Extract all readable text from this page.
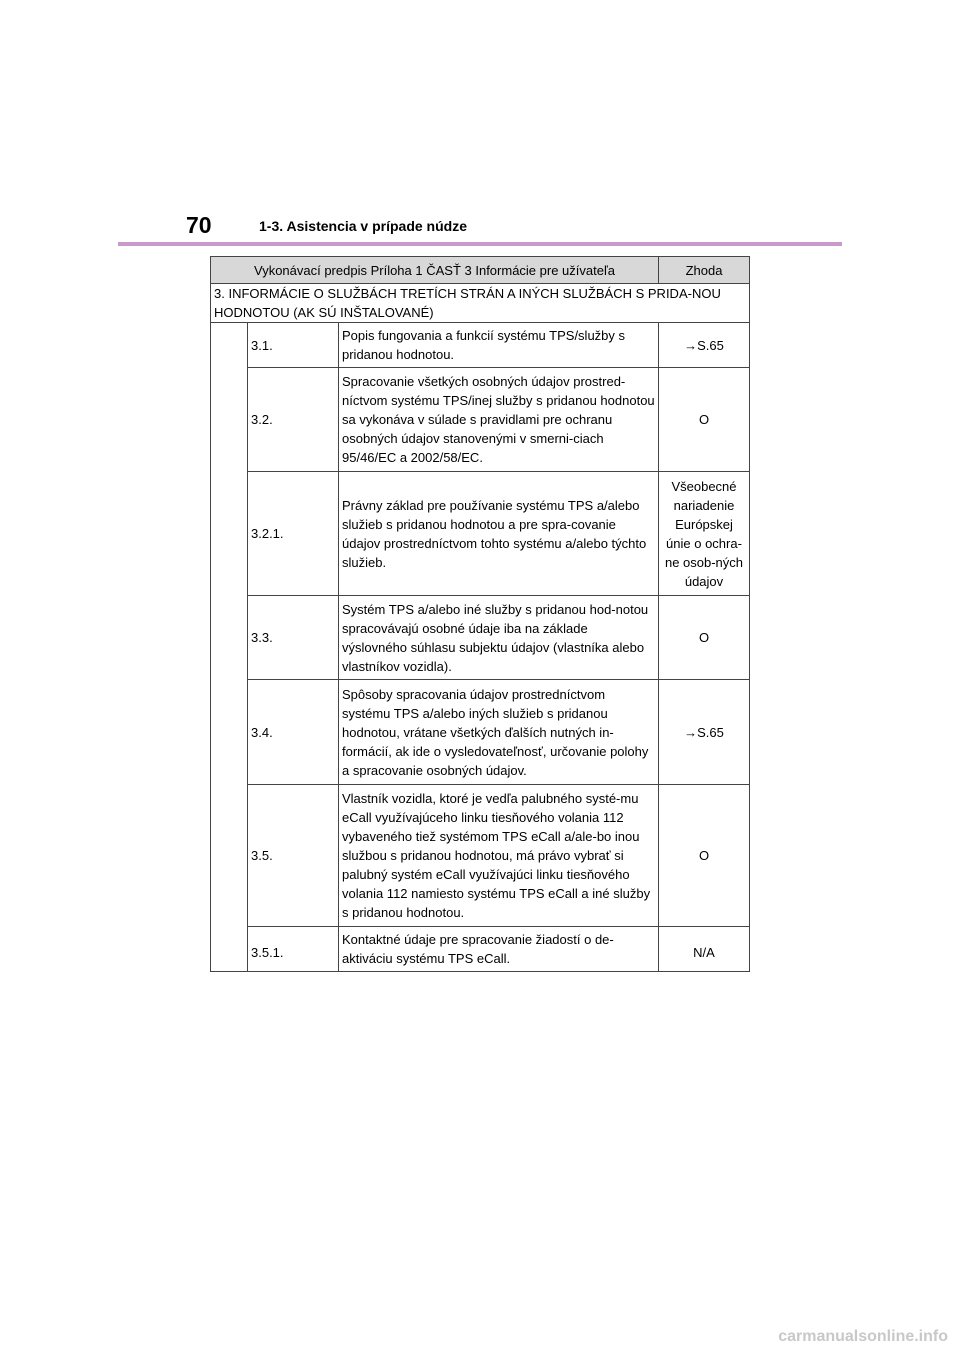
70	1-3. Asistencia v prípade núdze
Vykonávací predpis Príloha 1 ČASŤ 3 Informácie pre užívateľa			Zhoda
3. INFORMÁCIE O SLUŽBÁCH TRETÍCH STRÁN A INÝCH SLUŽBÁCH S PRIDA-NOU HODNOTOU (AK SÚ INŠTALOVANÉ)			
	3.1.	Popis fungovania a funkcií systému TPS/služby s pridanou hodnotou.	→S.65
	3.2.	Spracovanie všetkých osobných údajov prostred-níctvom systému TPS/inej služby s pridanou hodnotou sa vykonáva v súlade s pravidlami pre ochranu osobných údajov stanovenými v smerni-ciach 95/46/EC a 2002/58/EC.	O
	3.2.1.	Právny základ pre používanie systému TPS a/alebo služieb s pridanou hodnotou a pre spra-covanie údajov prostredníctvom tohto systému a/alebo týchto služieb.	Všeobecné nariadenie Európskej únie o ochra-ne osob-ných údajov
	3.3.	Systém TPS a/alebo iné služby s pridanou hod-notou spracovávajú osobné údaje iba na základe výslovného súhlasu subjektu údajov (vlastníka alebo vlastníkov vozidla).	O
	3.4.	Spôsoby spracovania údajov prostredníctvom systému TPS a/alebo iných služieb s pridanou hodnotou, vrátane všetkých ďalších nutných in-formácií, ak ide o vysledovateľnosť, určovanie polohy a spracovanie osobných údajov.	→S.65
	3.5.	Vlastník vozidla, ktoré je vedľa palubného systé-mu eCall využívajúceho linku tiesňového volania 112 vybaveného tiež systémom TPS eCall a/ale-bo inou službou s pridanou hodnotou, má právo vybrať si palubný systém eCall využívajúci linku tiesňového volania 112 namiesto systému TPS eCall a iné služby s pridanou hodnotou.	O
	3.5.1.	Kontaktné údaje pre spracovanie žiadostí o de-aktiváciu systému TPS eCall.	N/A
carmanualsonline.info
